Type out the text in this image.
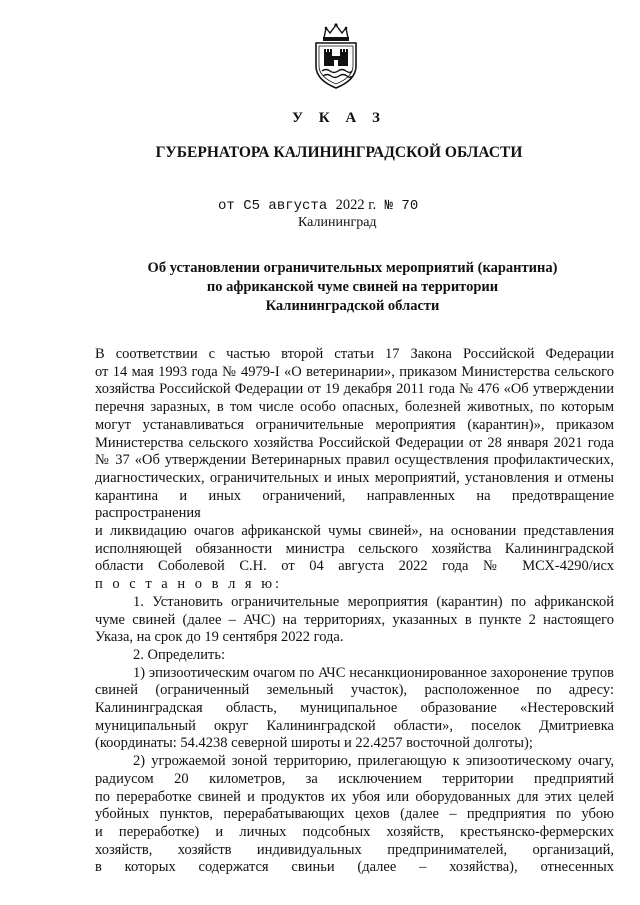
У К А З
ГУБЕРНАТОРА КАЛИНИНГРАДСКОЙ ОБЛАСТИ
от С5 августа 2022 г. № 70
Калининград
Об установлении ограничительных мероприятий (карантина)
по африканской чуме свиней на территории
Калининградской области

В соответствии с частью второй статьи 17 Закона Российской Федерации
от 14 мая 1993 года № 4979-I «О ветеринарии», приказом Министерства сельского
хозяйства Российской Федерации от 19 декабря 2011 года № 476 «Об утверждении
перечня заразных, в том числе особо опасных, болезней животных, по которым
могут устанавливаться ограничительные мероприятия (карантин)», приказом
Министерства сельского хозяйства Российской Федерации от 28 января 2021 года
№ 37 «Об утверждении Ветеринарных правил осуществления профилактических,
диагностических, ограничительных и иных мероприятий, установления и отмены
карантина и иных ограничений, направленных на предотвращение распространения
и ликвидацию очагов африканской чумы свиней», на основании представления
исполняющей обязанности министра сельского хозяйства Калининградской
области Соболевой С.Н. от 04 августа 2022 года № МСХ-4290/исх
п о с т а н о в л я ю:

1. Установить ограничительные мероприятия (карантин) по африканской
чуме свиней (далее – АЧС) на территориях, указанных в пункте 2 настоящего
Указа, на срок до 19 сентября 2022 года.

2. Определить:

1) эпизоотическим очагом по АЧС несанкционированное захоронение трупов
свиней (ограниченный земельный участок), расположенное по адресу:
Калининградская область, муниципальное образование «Нестеровский
муниципальный округ Калининградской области», поселок Дмитриевка
(координаты: 54.4238 северной широты и 22.4257 восточной долготы);

2) угрожаемой зоной территорию, прилегающую к эпизоотическому очагу,
радиусом 20 километров, за исключением территории предприятий
по переработке свиней и продуктов их убоя или оборудованных для этих целей
убойных пунктов, перерабатывающих цехов (далее – предприятия по убою
и переработке) и личных подсобных хозяйств, крестьянско-фермерских
хозяйств, хозяйств индивидуальных предпринимателей, организаций,
в которых содержатся свиньи (далее – хозяйства), отнесенных
